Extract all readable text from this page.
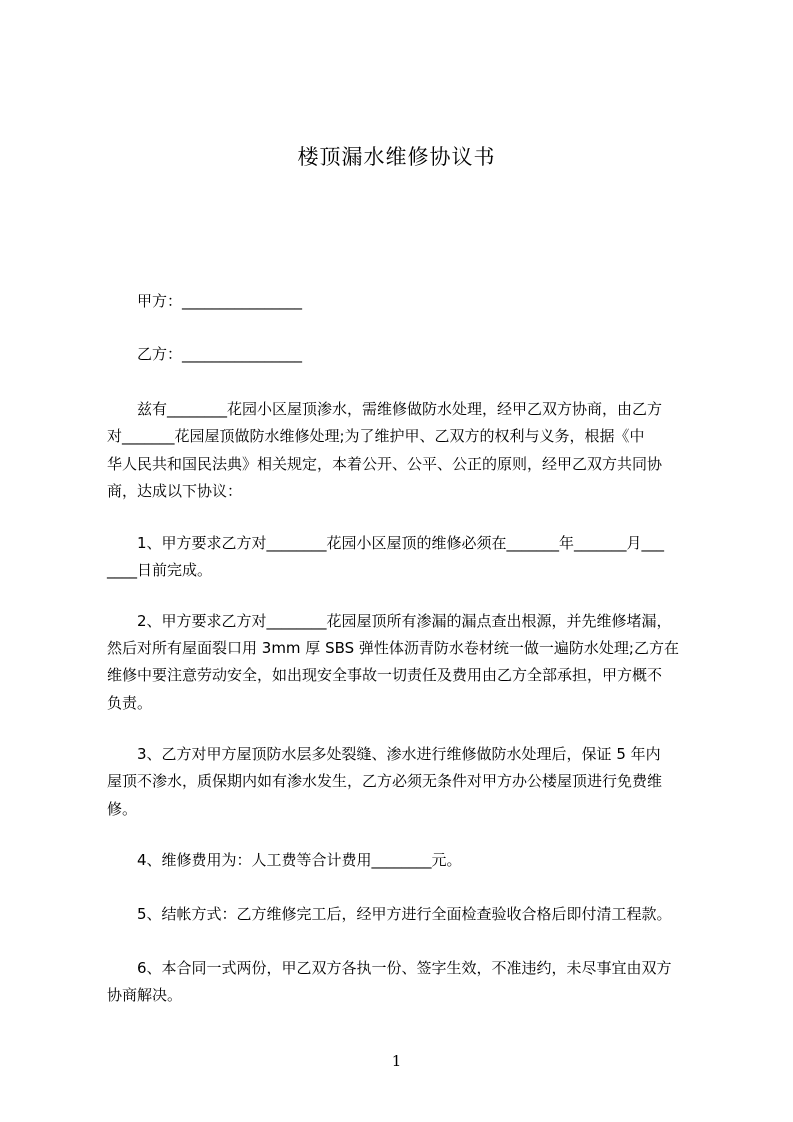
楼顶漏水维修协议书
甲方：________________
乙方：________________
兹有________花园小区屋顶渗水，需维修做防水处理，经甲乙双方协商，由乙方
对_______花园屋顶做防水维修处理;为了维护甲、乙双方的权利与义务，根据《中
华人民共和国民法典》相关规定，本着公开、公平、公正的原则，经甲乙双方共同协
商，达成以下协议：
1、甲方要求乙方对________花园小区屋顶的维修必须在_______年_______月___
____日前完成。
2、甲方要求乙方对________花园屋顶所有渗漏的漏点查出根源，并先维修堵漏，
然后对所有屋面裂口用 3mm 厚 SBS 弹性体沥青防水卷材统一做一遍防水处理;乙方在
维修中要注意劳动安全，如出现安全事故一切责任及费用由乙方全部承担，甲方概不
负责。
3、乙方对甲方屋顶防水层多处裂缝、渗水进行维修做防水处理后，保证 5 年内
屋顶不渗水，质保期内如有渗水发生，乙方必须无条件对甲方办公楼屋顶进行免费维
修。
4、维修费用为：人工费等合计费用________元。
5、结帐方式：乙方维修完工后，经甲方进行全面检查验收合格后即付清工程款。
6、本合同一式两份，甲乙双方各执一份、签字生效，不准违约，未尽事宜由双方
协商解决。
1
